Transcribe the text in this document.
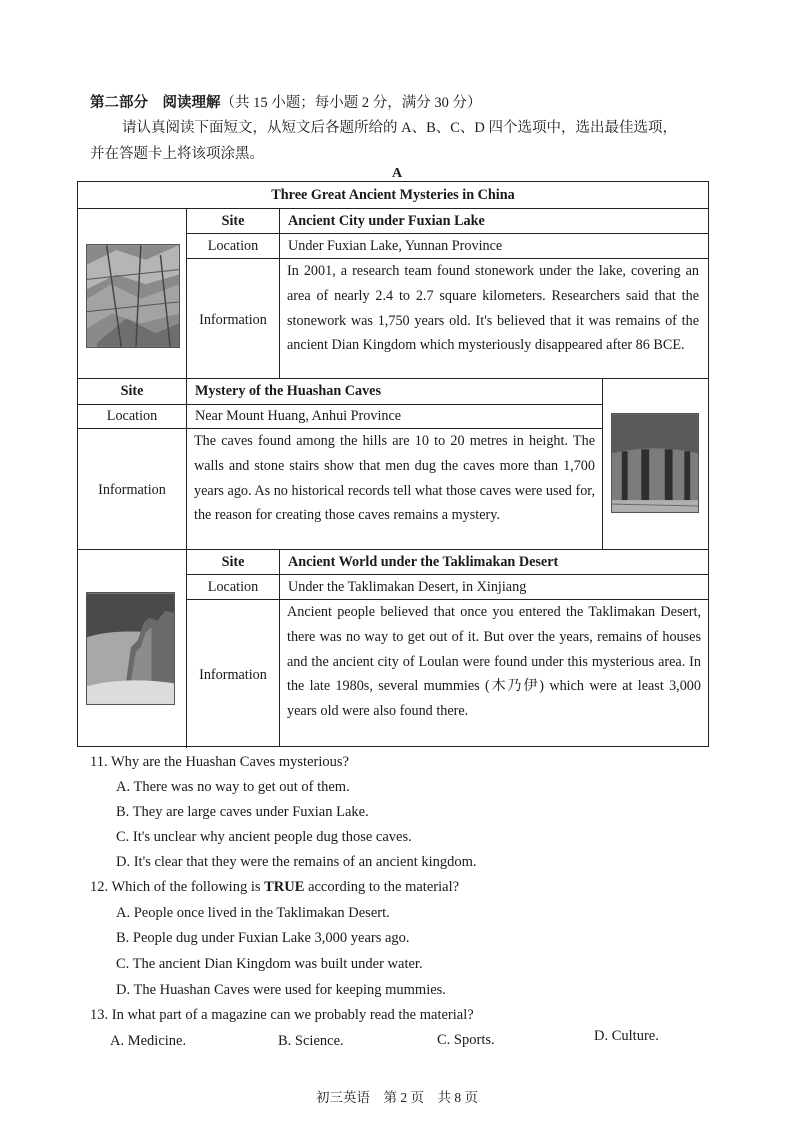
第二部分　阅读理解（共 15 小题；每小题 2 分，满分 30 分）
请认真阅读下面短文，从短文后各题所给的 A、B、C、D 四个选项中，选出最佳选项，
并在答题卡上将该项涂黑。
A
Three Great Ancient Mysteries in China
Site	Ancient City under Fuxian Lake
Location	Under Fuxian Lake, Yunnan Province
Information
In 2001, a research team found stonework under the lake, covering an area of nearly 2.4 to 2.7 square kilometers. Researchers said that the stonework was 1,750 years old. It's believed that it was remains of the ancient Dian Kingdom which mysteriously disappeared after 86 BCE.
Site	Mystery of the Huashan Caves
Location	Near Mount Huang, Anhui Province
Information
The caves found among the hills are 10 to 20 metres in height. The walls and stone stairs show that men dug the caves more than 1,700 years ago. As no historical records tell what those caves were used for, the reason for creating those caves remains a mystery.
Site	Ancient World under the Taklimakan Desert
Location	Under the Taklimakan Desert, in Xinjiang
Information
Ancient people believed that once you entered the Taklimakan Desert, there was no way to get out of it. But over the years, remains of houses and the ancient city of Loulan were found under this mysterious area. In the late 1980s, several mummies (木乃伊) which were at least 3,000 years old were also found there.
11. Why are the Huashan Caves mysterious?
A. There was no way to get out of them.
B. They are large caves under Fuxian Lake.
C. It's unclear why ancient people dug those caves.
D. It's clear that they were the remains of an ancient kingdom.
12. Which of the following is TRUE according to the material?
A. People once lived in the Taklimakan Desert.
B. People dug under Fuxian Lake 3,000 years ago.
C. The ancient Dian Kingdom was built under water.
D. The Huashan Caves were used for keeping mummies.
13. In what part of a magazine can we probably read the material?
A. Medicine.	B. Science.	C. Sports.	D. Culture.
初三英语　第 2 页　共 8 页
